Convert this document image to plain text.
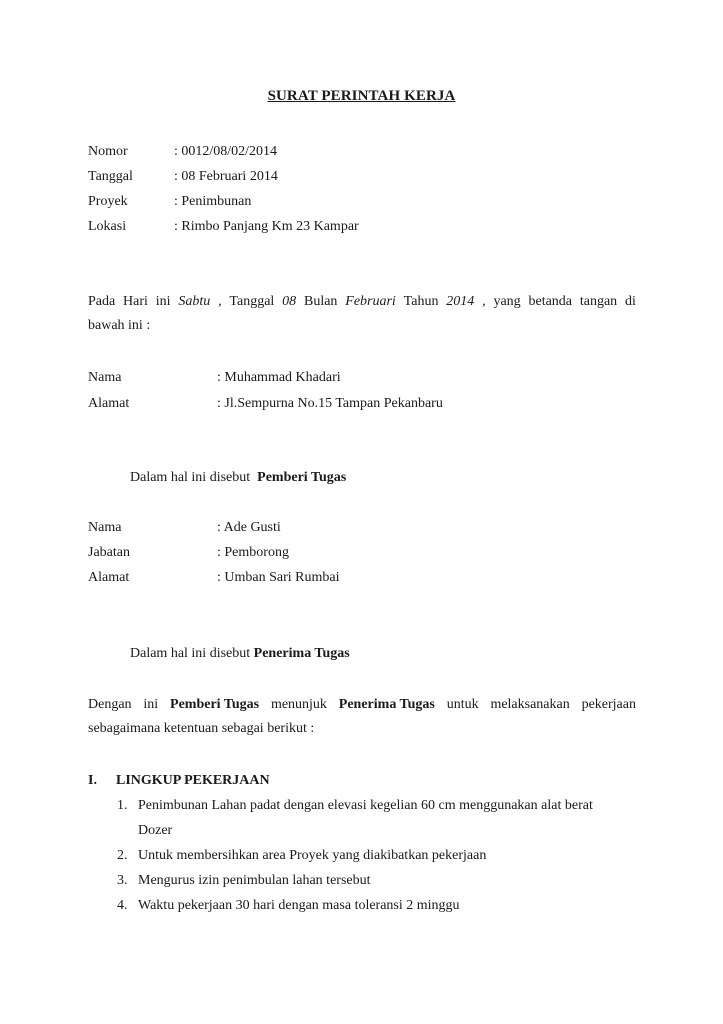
SURAT PERINTAH KERJA
Nomor	: 0012/08/02/2014
Tanggal	: 08 Februari 2014
Proyek	: Penimbunan
Lokasi	: Rimbo Panjang Km 23 Kampar
Pada Hari ini Sabtu , Tanggal 08 Bulan Februari Tahun 2014 , yang betanda tangan di
bawah ini :
Nama	: Muhammad Khadari
Alamat	: Jl.Sempurna No.15 Tampan Pekanbaru
Dalam hal ini disebut Pemberi Tugas
Nama	: Ade Gusti
Jabatan	: Pemborong
Alamat	: Umban Sari Rumbai
Dalam hal ini disebut Penerima Tugas
Dengan ini Pemberi Tugas menunjuk Penerima Tugas untuk melaksanakan pekerjaan
sebagaimana ketentuan sebagai berikut :
I. LINGKUP PEKERJAAN
1. Penimbunan Lahan padat dengan elevasi kegelian 60 cm menggunakan alat berat
Dozer
2. Untuk membersihkan area Proyek yang diakibatkan pekerjaan
3. Mengurus izin penimbulan lahan tersebut
4. Waktu pekerjaan 30 hari dengan masa toleransi 2 minggu
